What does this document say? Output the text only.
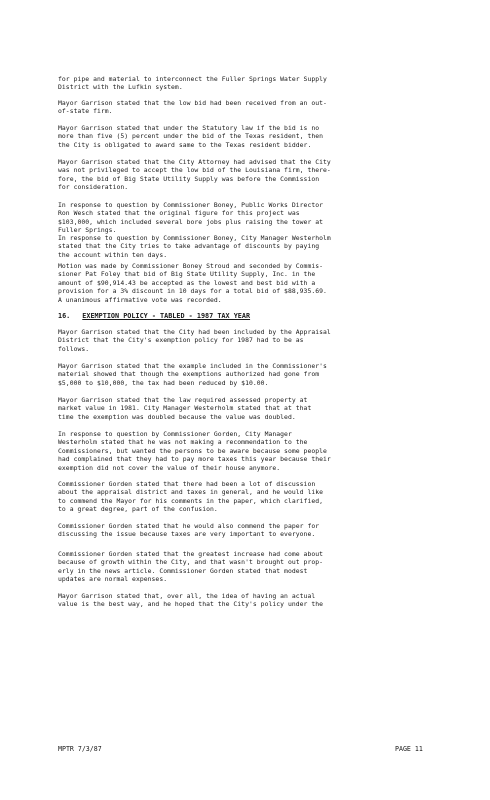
for pipe and material to interconnect the Fuller Springs Water Supply
District with the Lufkin system.

Mayor Garrison stated that the low bid had been received from an out-
of-state firm.

Mayor Garrison stated that under the Statutory law if the bid is no
more than five (5) percent under the bid of the Texas resident, then
the City is obligated to award same to the Texas resident bidder.

Mayor Garrison stated that the City Attorney had advised that the City
was not privileged to accept the low bid of the Louisiana firm, there-
fore, the bid of Big State Utility Supply was before the Commission
for consideration.

In response to question by Commissioner Boney, Public Works Director
Ron Wesch stated that the original figure for this project was
$103,000, which included several bore jobs plus raising the tower at
Fuller Springs.

In response to question by Commissioner Boney, City Manager Westerholm
stated that the City tries to take advantage of discounts by paying
the account within ten days.

Motion was made by Commissioner Boney Stroud and seconded by Commis-
sioner Pat Foley that bid of Big State Utility Supply, Inc. in the
amount of $90,914.43 be accepted as the lowest and best bid with a
provision for a 3% discount in 10 days for a total bid of $88,935.69.
A unanimous affirmative vote was recorded.

16. EXEMPTION POLICY - TABLED - 1987 TAX YEAR

Mayor Garrison stated that the City had been included by the Appraisal
District that the City's exemption policy for 1987 had to be as
follows.

Mayor Garrison stated that the example included in the Commissioner's
material showed that though the exemptions authorized had gone from
$5,000 to $10,000, the tax had been reduced by $10.00.

Mayor Garrison stated that the law required assessed property at
market value in 1981. City Manager Westerholm stated that at that
time the exemption was doubled because the value was doubled.

In response to question by Commissioner Gorden, City Manager
Westerholm stated that he was not making a recommendation to the
Commissioners, but wanted the persons to be aware because some people
had complained that they had to pay more taxes this year because their
exemption did not cover the value of their house anymore.

Commissioner Gorden stated that there had been a lot of discussion
about the appraisal district and taxes in general, and he would like
to commend the Mayor for his comments in the paper, which clarified,
to a great degree, part of the confusion.

Commissioner Gorden stated that he would also commend the paper for
discussing the issue because taxes are very important to everyone.

Commissioner Gorden stated that the greatest increase had come about
because of growth within the City, and that wasn't brought out prop-
erly in the news article. Commissioner Gorden stated that modest
updates are normal expenses.

Mayor Garrison stated that, over all, the idea of having an actual
value is the best way, and he hoped that the City's policy under the

MPTR 7/3/87	PAGE 11
